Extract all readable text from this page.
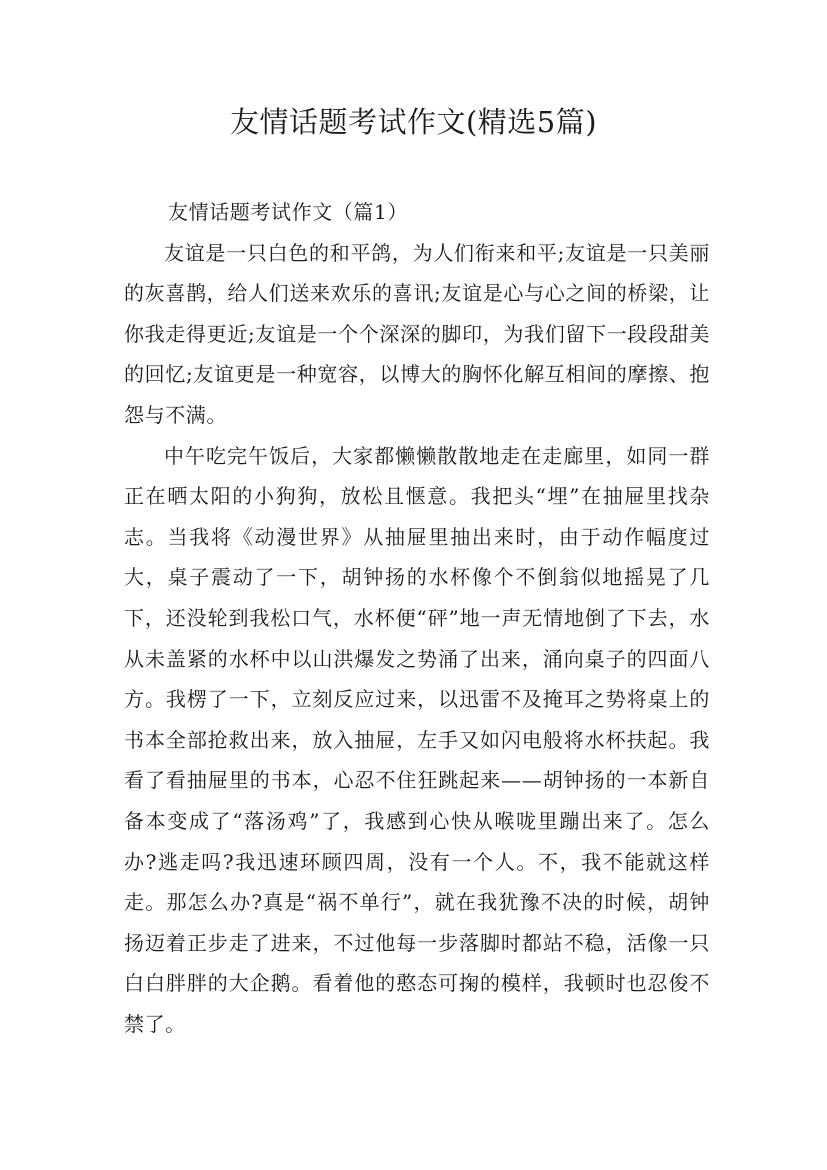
友情话题考试作文(精选5篇)
友情话题考试作文（篇1）

友谊是一只白色的和平鸽，为人们衔来和平;友谊是一只美丽的灰喜鹊，给人们送来欢乐的喜讯;友谊是心与心之间的桥梁，让你我走得更近;友谊是一个个深深的脚印，为我们留下一段段甜美的回忆;友谊更是一种宽容，以博大的胸怀化解互相间的摩擦、抱怨与不满。

中午吃完午饭后，大家都懒懒散散地走在走廊里，如同一群正在晒太阳的小狗狗，放松且惬意。我把头“埋”在抽屉里找杂志。当我将《动漫世界》从抽屉里抽出来时，由于动作幅度过大，桌子震动了一下，胡钟扬的水杯像个不倒翁似地摇晃了几下，还没轮到我松口气，水杯便“砰”地一声无情地倒了下去，水从未盖紧的水杯中以山洪爆发之势涌了出来，涌向桌子的四面八方。我楞了一下，立刻反应过来，以迅雷不及掩耳之势将桌上的书本全部抢救出来，放入抽屉，左手又如闪电般将水杯扶起。我看了看抽屉里的书本，心忍不住狂跳起来——胡钟扬的一本新自备本变成了“落汤鸡”了，我感到心快从喉咙里蹦出来了。怎么办?逃走吗?我迅速环顾四周，没有一个人。不，我不能就这样走。那怎么办?真是“祸不单行”，就在我犹豫不决的时候，胡钟扬迈着正步走了进来，不过他每一步落脚时都站不稳，活像一只白白胖胖的大企鹅。看着他的憨态可掬的模样，我顿时也忍俊不禁了。
